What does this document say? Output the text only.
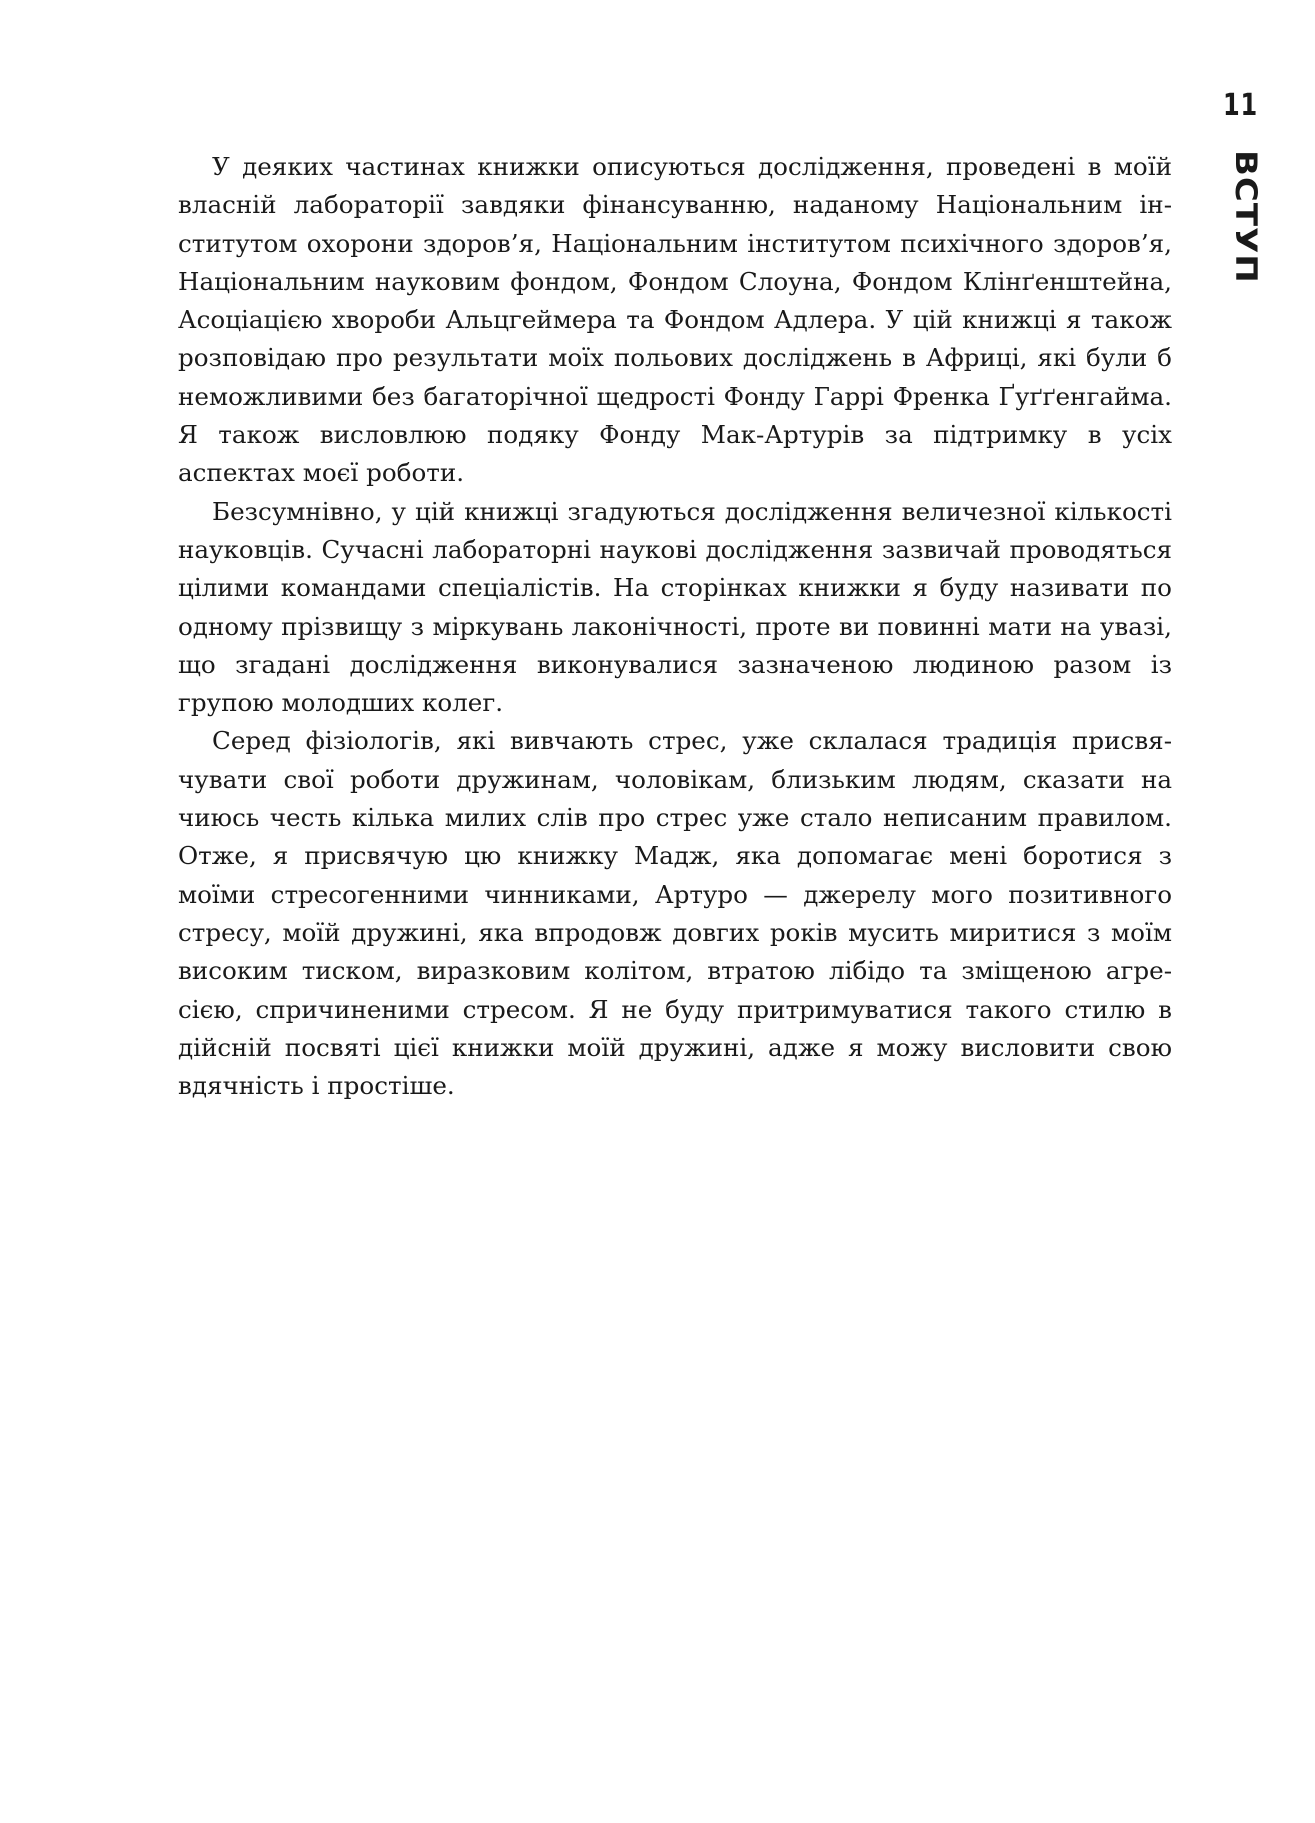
11
ВСТУП

У деяких частинах книжки описуються дослідження, проведені в моїй власній лабораторії завдяки фінансуванню, наданому Національним інститутом охорони здоров’я, Національним інститутом психічного здоров’я, Національним науковим фондом, Фондом Слоуна, Фондом Клінґенштейна, Асоціацією хвороби Альцгеймера та Фондом Адлера. У цій книжці я також розповідаю про результати моїх польових досліджень в Африці, які були б неможливими без багаторічної щедрості Фонду Гаррі Френка Ґуґґенгайма. Я також висловлюю подяку Фонду Мак-Артурів за підтримку в усіх аспектах моєї роботи.

Безсумнівно, у цій книжці згадуються дослідження величезної кількості науковців. Сучасні лабораторні наукові дослідження зазвичай проводяться цілими командами спеціалістів. На сторінках книжки я буду називати по одному прізвищу з міркувань лаконічності, проте ви повинні мати на увазі, що згадані дослідження виконувалися зазначеною людиною разом із групою молодших колег.

Серед фізіологів, які вивчають стрес, уже склалася традиція присвячувати свої роботи дружинам, чоловікам, близьким людям, сказати на чиюсь честь кілька милих слів про стрес уже стало неписаним правилом. Отже, я присвячую цю книжку Мадж, яка допомагає мені боротися з моїми стресогенними чинниками, Артуро — джерелу мого позитивного стресу, моїй дружині, яка впродовж довгих років мусить миритися з моїм високим тиском, виразковим колітом, втратою лібідо та зміщеною агресією, спричиненими стресом. Я не буду притримуватися такого стилю в дійсній посвяті цієї книжки моїй дружині, адже я можу висловити свою вдячність і простіше.
